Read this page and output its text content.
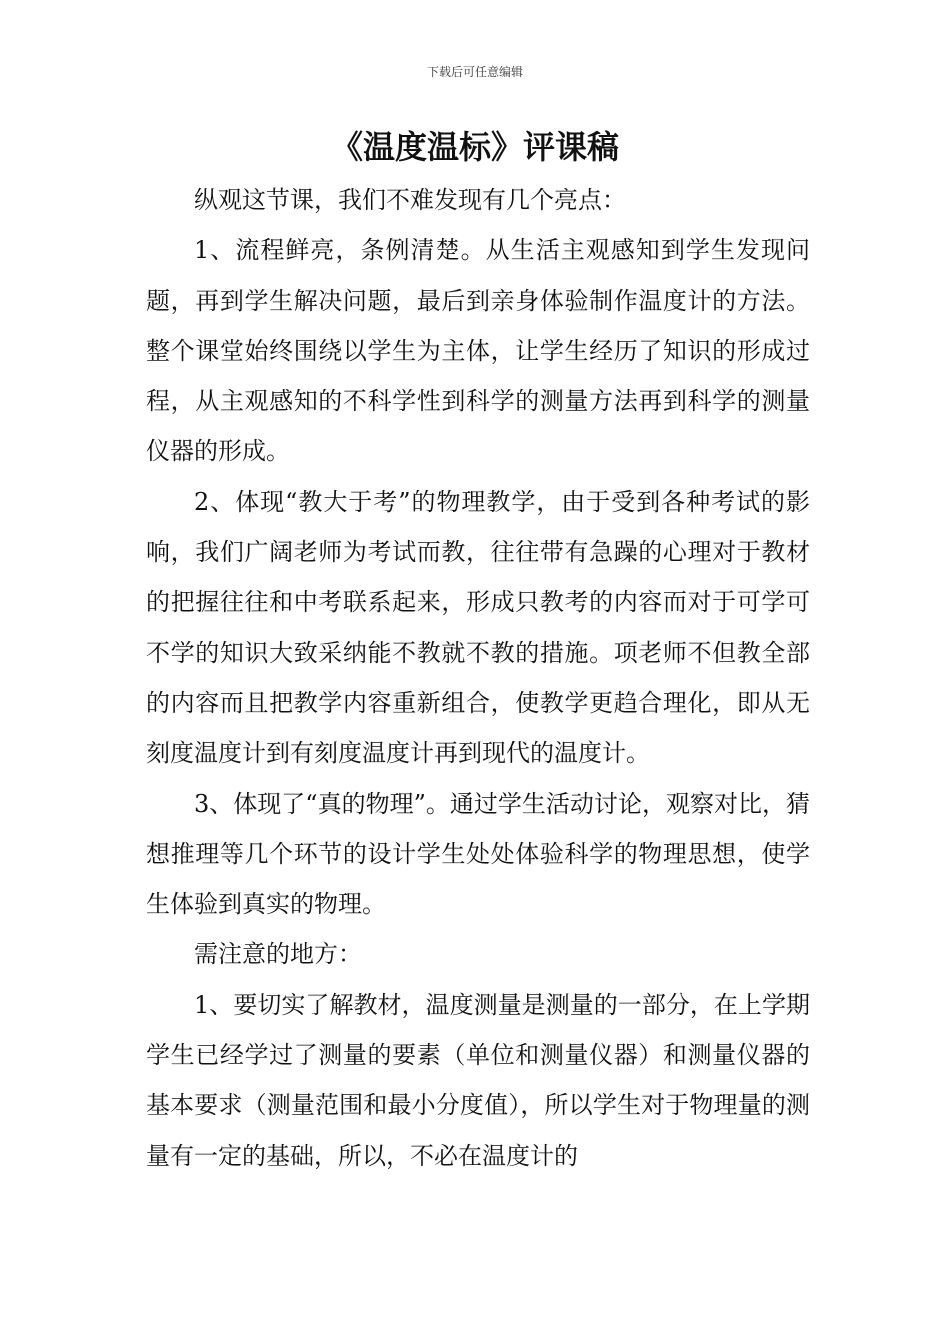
下载后可任意编辑
《温度温标》评课稿

纵观这节课，我们不难发现有几个亮点：

1、流程鲜亮，条例清楚。从生活主观感知到学生发现问题，再到学生解决问题，最后到亲身体验制作温度计的方法。整个课堂始终围绕以学生为主体，让学生经历了知识的形成过程，从主观感知的不科学性到科学的测量方法再到科学的测量仪器的形成。

2、体现“教大于考”的物理教学，由于受到各种考试的影响，我们广阔老师为考试而教，往往带有急躁的心理对于教材的把握往往和中考联系起来，形成只教考的内容而对于可学可不学的知识大致采纳能不教就不教的措施。项老师不但教全部的内容而且把教学内容重新组合，使教学更趋合理化，即从无刻度温度计到有刻度温度计再到现代的温度计。

3、体现了“真的物理”。通过学生活动讨论，观察对比，猜想推理等几个环节的设计学生处处体验科学的物理思想，使学生体验到真实的物理。

需注意的地方：

1、要切实了解教材，温度测量是测量的一部分，在上学期学生已经学过了测量的要素（单位和测量仪器）和测量仪器的基本要求（测量范围和最小分度值），所以学生对于物理量的测量有一定的基础，所以，不必在温度计的
